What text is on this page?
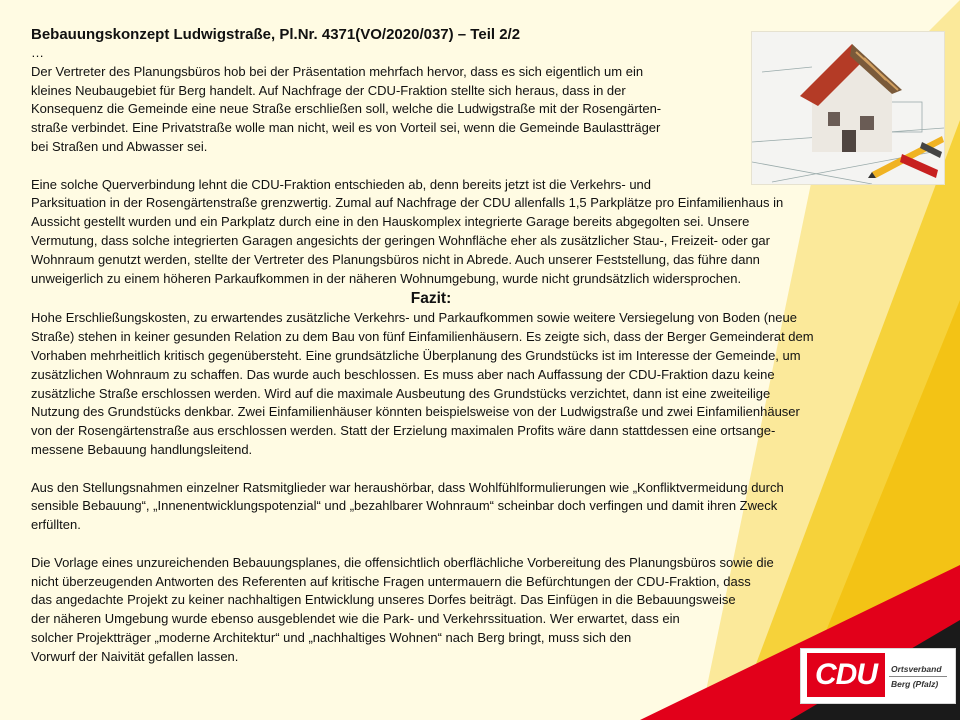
Bebauungskonzept Ludwigstraße, Pl.Nr. 4371(VO/2020/037) – Teil 2/2
…
Der Vertreter des Planungsbüros hob bei der Präsentation mehrfach hervor, dass es sich eigentlich um ein
kleines Neubaugebiet für Berg handelt. Auf Nachfrage der CDU-Fraktion stellte sich heraus, dass in der
Konsequenz die Gemeinde eine neue Straße erschließen soll, welche die Ludwigstraße mit der Rosengärten-
straße verbindet. Eine Privatstraße wolle man nicht, weil es von Vorteil sei, wenn die Gemeinde Baulastträger
bei Straßen und Abwasser sei.
Eine solche Querverbindung lehnt die CDU-Fraktion entschieden ab, denn bereits jetzt ist die Verkehrs- und
Parksituation in der Rosengärtenstraße grenzwertig. Zumal auf Nachfrage der CDU allenfalls 1,5 Parkplätze pro Einfamilienhaus in
Aussicht gestellt wurden und ein Parkplatz durch eine in den Hauskomplex integrierte Garage bereits abgegolten sei. Unsere
Vermutung, dass solche integrierten Garagen angesichts der geringen Wohnfläche eher als zusätzlicher Stau-, Freizeit- oder gar
Wohnraum genutzt werden, stellte der Vertreter des Planungsbüros nicht in Abrede. Auch unserer Feststellung, das führe dann
unweigerlich zu einem höheren Parkaufkommen in der näheren Wohnumgebung, wurde nicht grundsätzlich widersprochen.
Fazit:
Hohe Erschließungskosten, zu erwartendes zusätzliche Verkehrs- und Parkaufkommen sowie weitere Versiegelung von Boden (neue
Straße) stehen in keiner gesunden Relation zu dem Bau von fünf Einfamilienhäusern. Es zeigte sich, dass der Berger Gemeinderat dem
Vorhaben mehrheitlich kritisch gegenübersteht. Eine grundsätzliche Überplanung des Grundstücks ist im Interesse der Gemeinde, um
zusätzlichen Wohnraum zu schaffen. Das wurde auch beschlossen. Es muss aber nach Auffassung der CDU-Fraktion dazu keine
zusätzliche Straße erschlossen werden. Wird auf die maximale Ausbeutung des Grundstücks verzichtet, dann ist eine zweiteilige
Nutzung des Grundstücks denkbar. Zwei Einfamilienhäuser könnten beispielsweise von der Ludwigstraße und zwei Einfamilienhäuser
von der Rosengärtenstraße aus erschlossen werden. Statt der Erzielung maximalen Profits wäre dann stattdessen eine ortsange-
messene Bebauung handlungsleitend.
Aus den Stellungsnahmen einzelner Ratsmitglieder war heraushörbar, dass Wohlfühlformulierungen wie „Konfliktvermeidung durch
sensible Bebauung“, „Innenentwicklungspotenzial“ und „bezahlbarer Wohnraum“ scheinbar doch verfingen und damit ihren Zweck
erfüllten.
Die Vorlage eines unzureichenden Bebauungsplanes, die offensichtlich oberflächliche Vorbereitung des Planungsbüros sowie die
nicht überzeugenden Antworten des Referenten auf kritische Fragen untermauern die Befürchtungen der CDU-Fraktion, dass
das angedachte Projekt zu keiner nachhaltigen Entwicklung unseres Dorfes beiträgt. Das Einfügen in die Bebauungsweise
der näheren Umgebung wurde ebenso ausgeblendet wie die Park- und Verkehrssituation. Wer erwartet, dass ein
solcher Projektträger „moderne Architektur“ und „nachhaltiges Wohnen“ nach Berg bringt, muss sich den
Vorwurf der Naivität gefallen lassen.
CDU	Ortsverband
Berg (Pfalz)
